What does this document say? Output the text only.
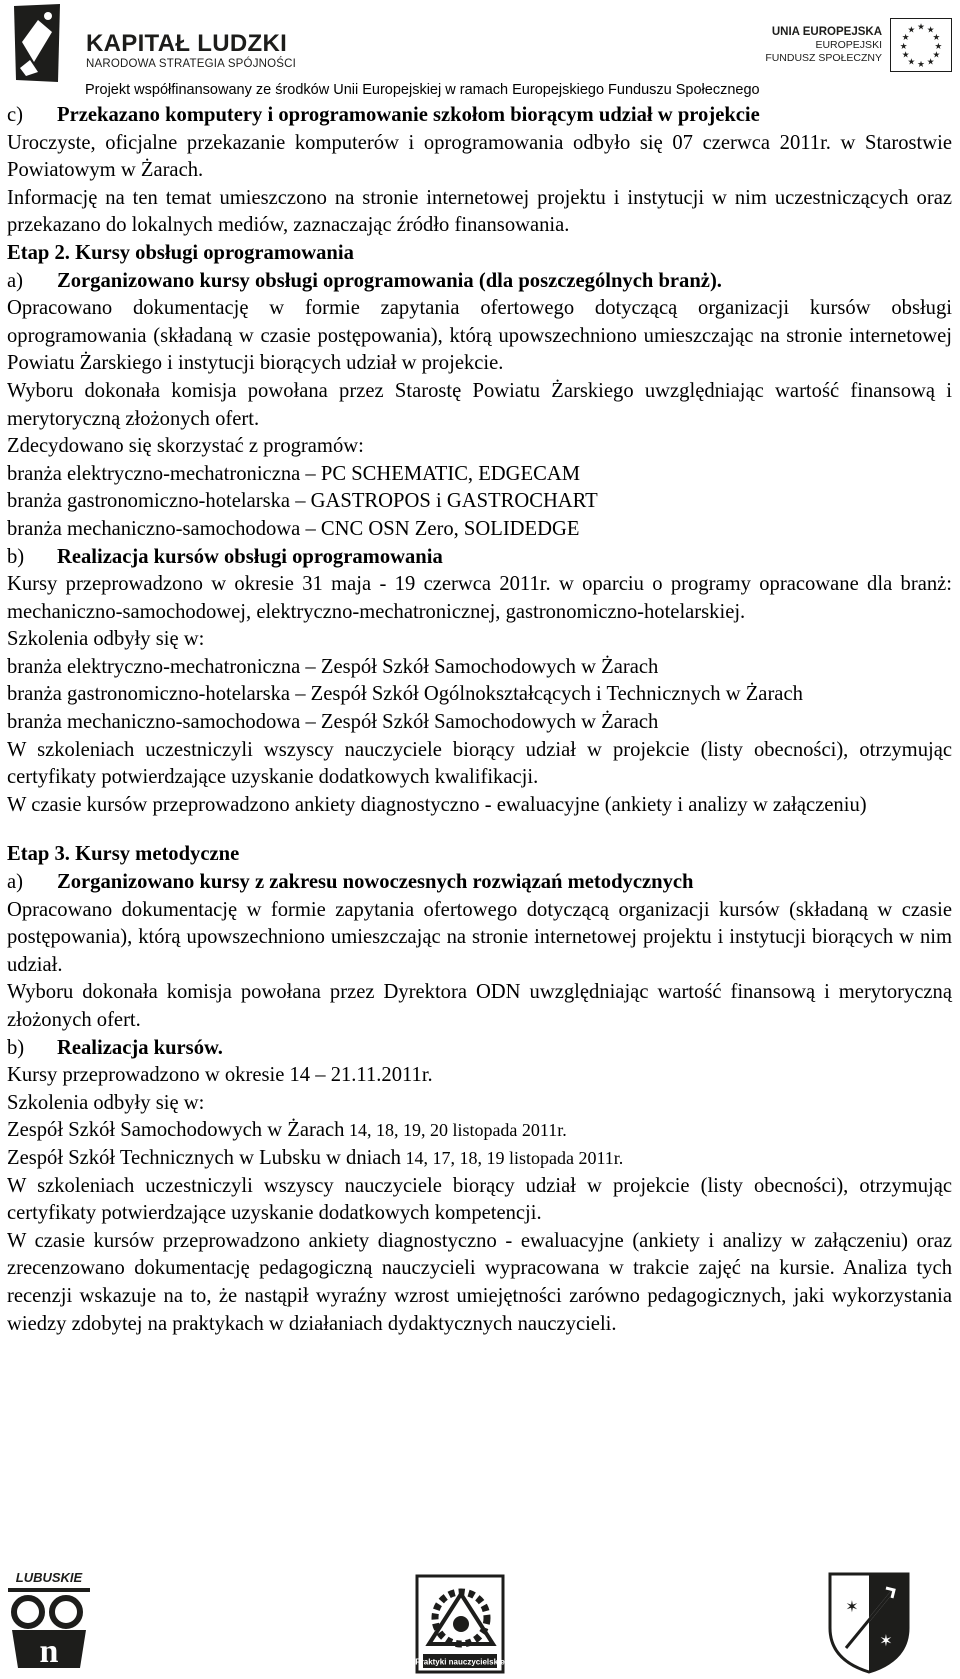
KAPITAŁ LUDZKI
NARODOWA STRATEGIA SPÓJNOŚCI
UNIA EUROPEJSKA
EUROPEJSKI
FUNDUSZ SPOŁECZNY
★ ★
★
★
★
★
★
★
★
★
★
★
Projekt współfinansowany ze środków Unii Europejskiej w ramach Europejskiego Funduszu Społecznego

c) Przekazano komputery i oprogramowanie szkołom biorącym udział w projekcie

Uroczyste, oficjalne przekazanie komputerów i oprogramowania odbyło się 07 czerwca 2011r. w Starostwie Powiatowym w Żarach.

Informację na ten temat umieszczono na stronie internetowej projektu i instytucji w nim uczestniczących oraz przekazano do lokalnych mediów, zaznaczając źródło finansowania.

Etap 2. Kursy obsługi oprogramowania

a) Zorganizowano kursy obsługi oprogramowania (dla poszczególnych branż).

Opracowano dokumentację w formie zapytania ofertowego dotyczącą organizacji kursów obsługi oprogramowania (składaną w czasie postępowania), którą upowszechniono umieszczając na stronie internetowej Powiatu Żarskiego i instytucji biorących udział w projekcie.

Wyboru dokonała komisja powołana przez Starostę Powiatu Żarskiego uwzględniając wartość finansową i merytoryczną złożonych ofert.

Zdecydowano się skorzystać z programów:

branża elektryczno-mechatroniczna – PC SCHEMATIC, EDGECAM

branża gastronomiczno-hotelarska – GASTROPOS i GASTROCHART

branża mechaniczno-samochodowa – CNC OSN Zero, SOLIDEDGE

b) Realizacja kursów obsługi oprogramowania

Kursy przeprowadzono w okresie 31 maja - 19 czerwca 2011r. w oparciu o programy opracowane dla branż: mechaniczno-samochodowej, elektryczno-mechatronicznej, gastronomiczno-hotelarskiej.

Szkolenia odbyły się w:

branża elektryczno-mechatroniczna – Zespół Szkół Samochodowych w Żarach

branża gastronomiczno-hotelarska – Zespół Szkół Ogólnokształcących i Technicznych w Żarach

branża mechaniczno-samochodowa – Zespół Szkół Samochodowych w Żarach

W szkoleniach uczestniczyli wszyscy nauczyciele biorący udział w projekcie (listy obecności), otrzymując certyfikaty potwierdzające uzyskanie dodatkowych kwalifikacji.

W czasie kursów przeprowadzono ankiety diagnostyczno - ewaluacyjne (ankiety i analizy w załączeniu)

Etap 3. Kursy metodyczne

a) Zorganizowano kursy z zakresu nowoczesnych rozwiązań metodycznych

Opracowano dokumentację w formie zapytania ofertowego dotyczącą organizacji kursów (składaną w czasie postępowania), którą upowszechniono umieszczając na stronie internetowej projektu i instytucji biorących w nim udział.

Wyboru dokonała komisja powołana przez Dyrektora ODN uwzględniając wartość finansową i merytoryczną złożonych ofert.

b) Realizacja kursów.

Kursy przeprowadzono w okresie 14 – 21.11.2011r.

Szkolenia odbyły się w:

Zespół Szkół Samochodowych w Żarach 14, 18, 19, 20 listopada 2011r.

Zespół Szkół Technicznych w Lubsku w dniach 14, 17, 18, 19 listopada 2011r.

W szkoleniach uczestniczyli wszyscy nauczyciele biorący udział w projekcie (listy obecności), otrzymując certyfikaty potwierdzające uzyskanie dodatkowych kompetencji.

W czasie kursów przeprowadzono ankiety diagnostyczno - ewaluacyjne (ankiety i analizy w załączeniu) oraz zrecenzowano dokumentację pedagogiczną nauczycieli wypracowana w trakcie zajęć na kursie. Analiza tych recenzji wskazuje na to, że nastąpił wyraźny wzrost umiejętności zarówno pedagogicznych, jaki wykorzystania wiedzy zdobytej na praktykach w działaniach dydaktycznych nauczycieli.

LUBUSKIE
n	Praktyki nauczycielskie
✶
✶
